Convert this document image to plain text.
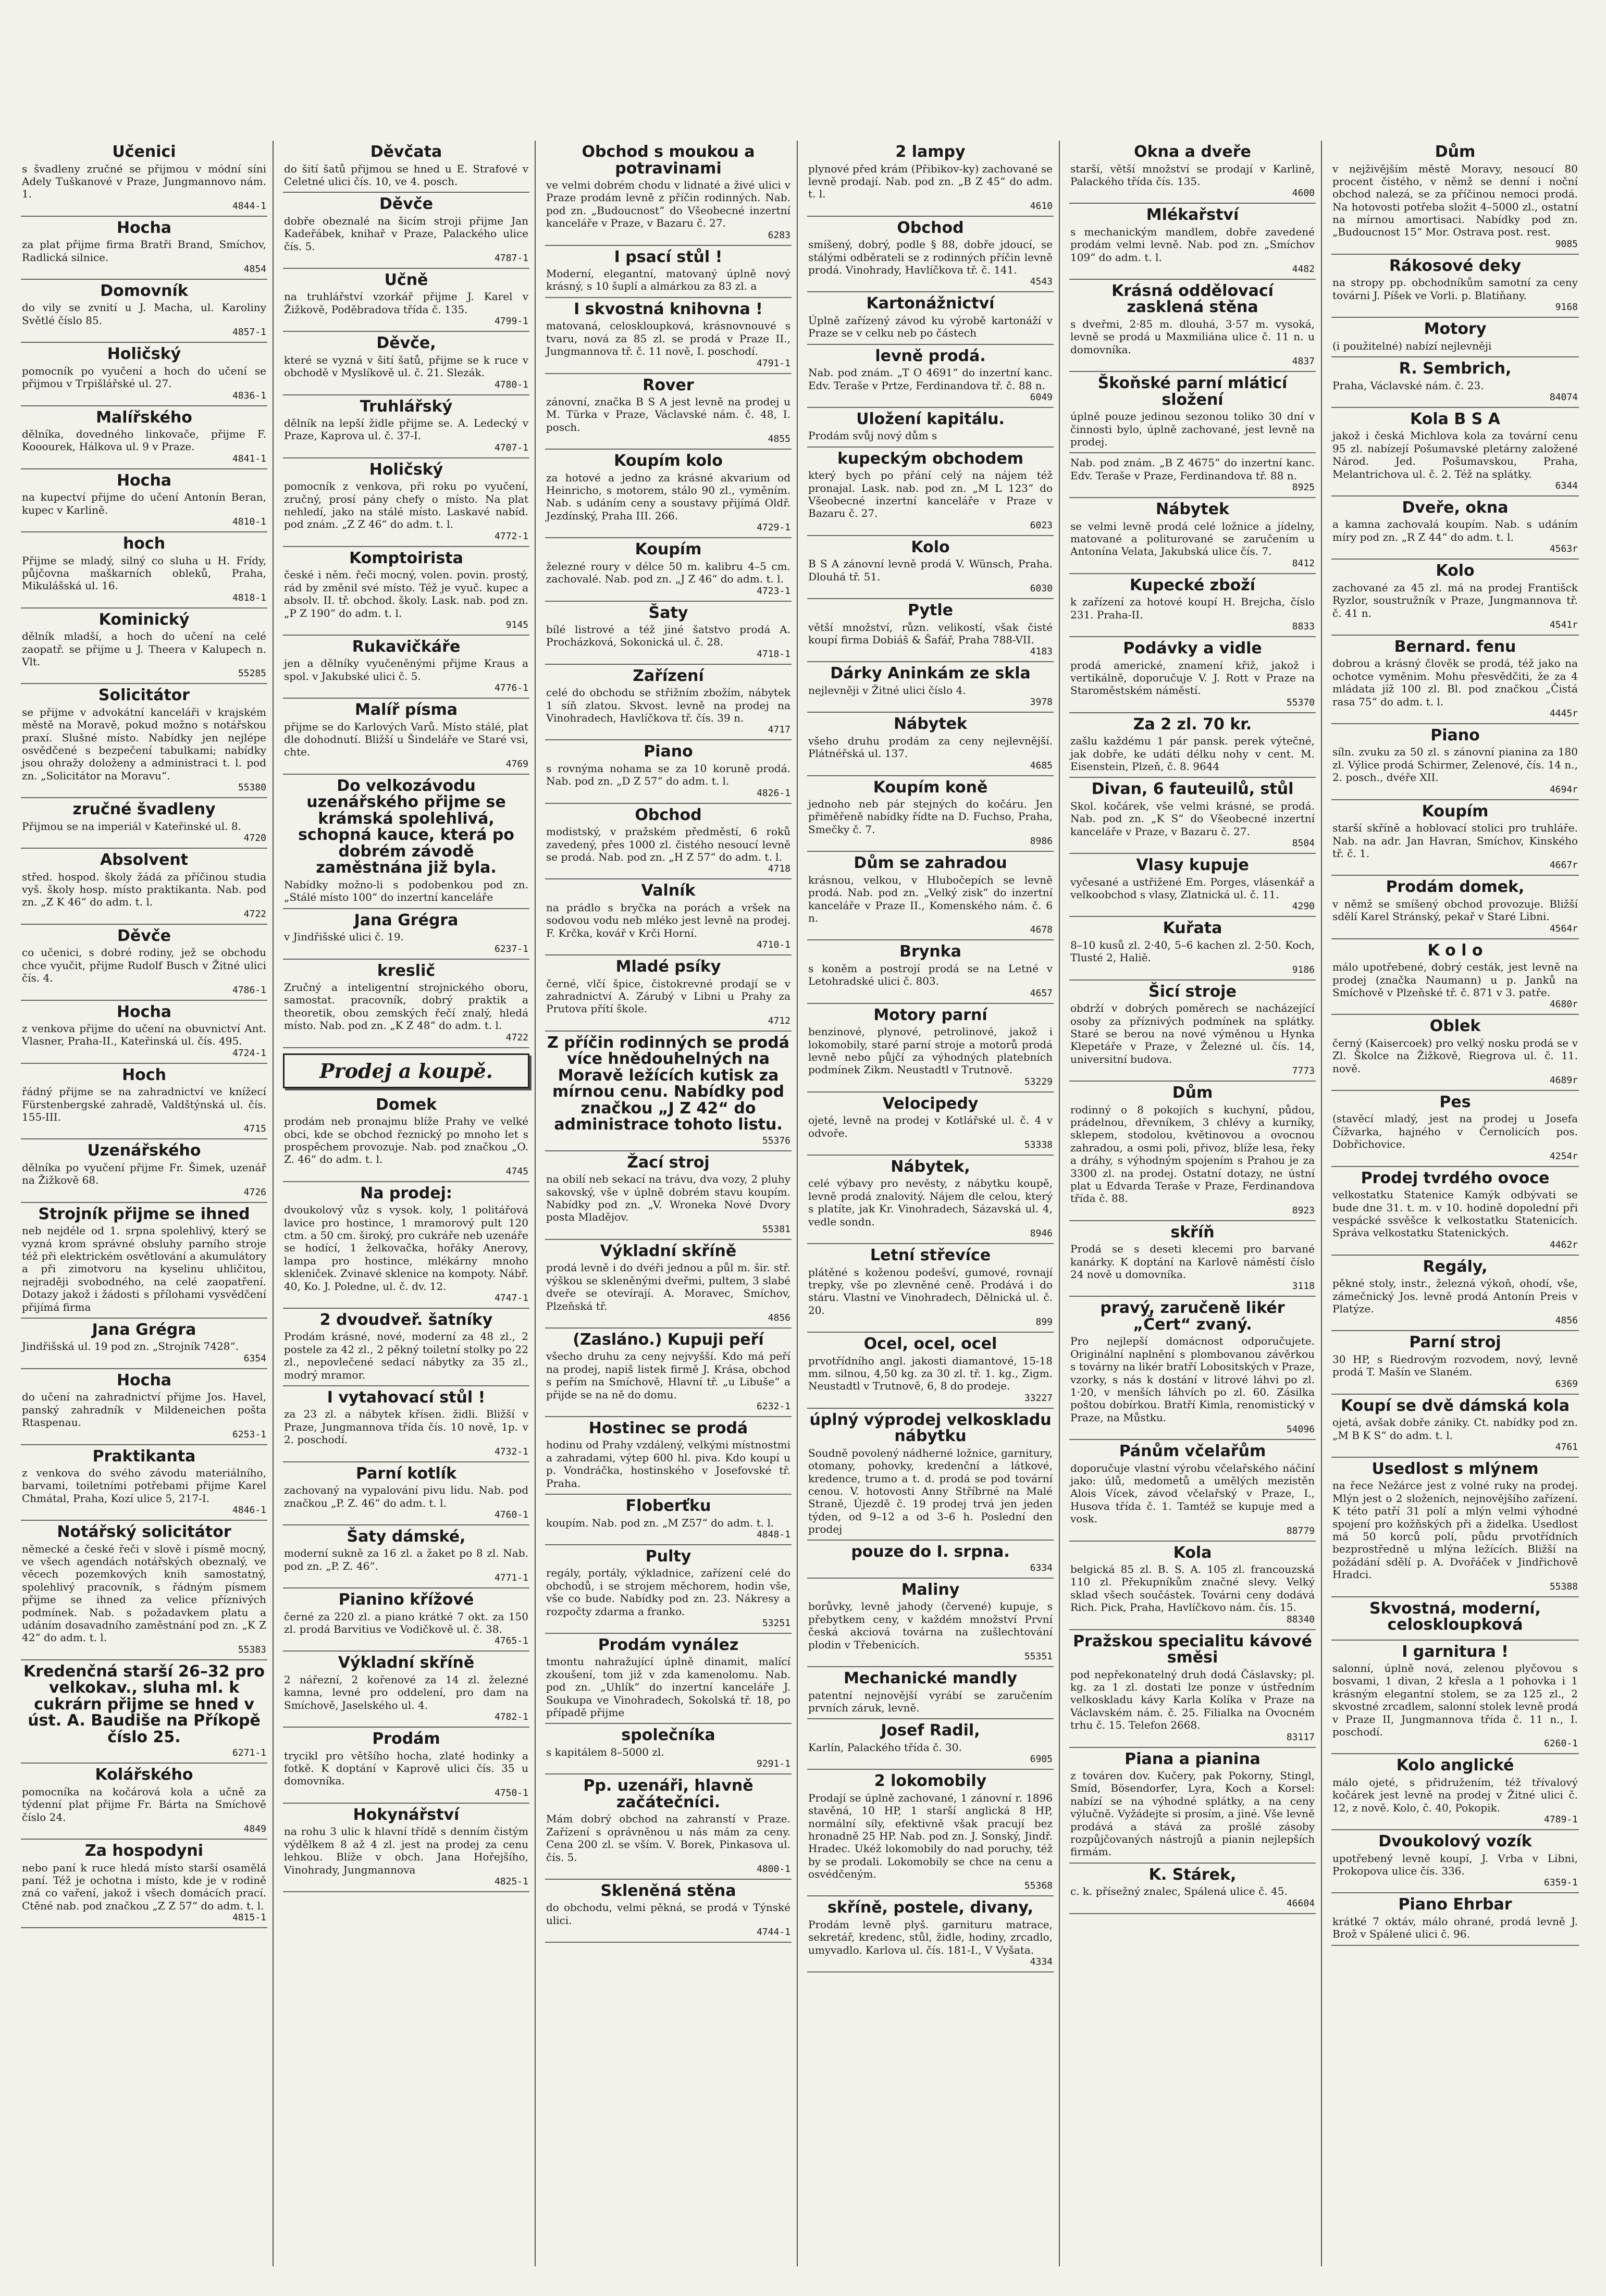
Učenici

s švadleny zručné se přijmou v módní síni Adely Tuškanové v Praze, Jungmannovo nám. 1.

4844-1
Hocha

za plat přijme firma Bratři Brand, Smíchov, Radlická silnice.

4854
Domovník

do vily se zvnití u J. Macha, ul. Karoliny Světlé číslo 85.

4857-1
Holičský

pomocník po vyučení a hoch do učení se přijmou v Trpišlářské ul. 27.

4836-1
Malířského

dělníka, dovedného linkovače, přijme F. Kooourek, Hálkova ul. 9 v Praze.

4841-1
Hocha

na kupectví přijme do učení Antonín Beran, kupec v Karlině.

4810-1
hoch

Přijme se mladý, silný co sluha u H. Frídy, půjčovna maškarních obleků, Praha, Mikulášská ul. 16.

4818-1
Kominický

dělník mladší, a hoch do učení na celé zaopatř. se přijme u J. Theera v Kalupech n. Vlt.

55285
Solicitátor

se přijme v advokátní kanceláři v krajském městě na Moravě, pokud možno s notářskou praxí. Slušné místo. Nabídky jen nejlépe osvědčené s bezpečení tabulkami; nabídky jsou ohražy doloženy a administraci t. l. pod zn. „Solicitátor na Moravu“.

55380
zručné švadleny

Přijmou se na imperiál v Kateřinské ul. 8.

4720
Absolvent

střed. hospod. školy žádá za příčinou studia vyš. školy hosp. místo praktikanta. Nab. pod zn. „Z K 46“ do adm. t. l.

4722
Děvče

co učenici, s dobré rodiny, jež se obchodu chce vyučit, přijme Rudolf Busch v Žitné ulici čís. 4.

4786-1
Hocha

z venkova přijme do učení na obuvnictví Ant. Vlasner, Praha-II., Kateřinská ul. čís. 495.

4724-1
Hoch

řádný přijme se na zahradnictví ve knížecí Fürstenbergské zahradě, Valdštýnská ul. čís. 155-III.

4715
Uzenářského

dělníka po vyučení přijme Fr. Šimek, uzenář na Žižkově 68.

4726
Strojník přijme se ihned

neb nejdéle od 1. srpna spolehlivý, který se vyzná krom správné obsluhy parního stroje též při elektrickém osvětlování a akumulátory a při zimotvoru na kyselinu uhličitou, nejraději svobodného, na celé zaopatření. Dotazy jakož i žádosti s přílohami vysvědčení přijímá firma

Jana Grégra

Jindřišská ul. 19 pod zn. „Strojník 7428“.

6354
Hocha

do učení na zahradnictví přijme Jos. Havel, panský zahradník v Mildeneichen pošta Rtaspenau.

6253-1
Praktikanta

z venkova do svého závodu materiálního, barvami, toiletními potřebami přijme Karel Chmátal, Praha, Kozí ulice 5, 217-I.

4846-1
Notářský solicitátor

německé a české řeči v slově i písmě mocný, ve všech agendách notářských obeznalý, ve věcech pozemkových knih samostatný, spolehlivý pracovník, s řádným písmem přijme se ihned za velice příznivých podmínek. Nab. s požadavkem platu a udáním dosavadního zaměstnání pod zn. „K Z 42“ do adm. t. l.

55383
Kredenčná starší 26–32 pro velkokav., sluha ml. k cukrárn přijme se hned v úst. A. Baudiše na Příkopě číslo 25.
6271-1
Kolářského

pomocníka na kočárová kola a učně za týdenní plat přijme Fr. Bárta na Smíchově číslo 24.

4849
Za hospodyni

nebo paní k ruce hledá místo starší osamělá paní. Též je ochotna i místo, kde je v rodině zná co vaření, jakož i všech domácích prací. Ctěné nab. pod značkou „Z Z 57“ do adm. t. l.

4815-1
Děvčata

do šití šatů přijmou se hned u E. Strafové v Celetné ulici čís. 10, ve 4. posch.

Děvče

dobře obeznalé na šicím stroji přijme Jan Kadeřábek, knihař v Praze, Palackého ulice čís. 5.

4787-1
Učně

na truhlářství vzorkář přijme J. Karel v Žižkově, Poděbradova třída č. 135.

4799-1
Děvče,

které se vyzná v šití šatů, přijme se k ruce v obchodě v Myslíkově ul. č. 21. Slezák.

4780-1
Truhlářský

dělník na lepší židle přijme se. A. Ledecký v Praze, Kaprova ul. č. 37-I.

4707-1
Holičský

pomocník z venkova, při roku po vyučení, zručný, prosí pány chefy o místo. Na plat nehledí, jako na stálé místo. Laskavé nabíd. pod znám. „Z Z 46“ do adm. t. l.

4772-1
Komptoiristа

české i něm. řeči mocný, volen. povin. prostý, rád by změnil své místo. Též je vyuč. kupec a absolv. II. tř. obchod. školy. Lask. nab. pod zn. „P Z 190“ do adm. t. l.

9145
Rukavičkáře

jen a dělníky vyučeněnými přijme Kraus a spol. v Jakubské ulici č. 5.

4776-1
Malíř písma

přijme se do Karlových Varů. Místo stálé, plat dle dohodnutí. Bližší u Šindeláře ve Staré vsi, chte.

4769
Do velkozávodu uzenářského přijme se krámská spolehlivá, schopná kauce, která po dobrém závodě zaměstnána již byla.

Nabídky možno-li s podobenkou pod zn. „Stálé místo 100“ do inzertní kanceláře

Jana Grégra

v Jindřišské ulici č. 19.

6237-1
kreslič

Zručný a inteligentní strojnického oboru, samostat. pracovník, dobrý praktik a theoretik, obou zemských řečí znalý, hledá místo. Nab. pod zn. „K Z 48“ do adm. t. l.

4722
Prodej a koupě.
Domek

prodám neb pronajmu blíže Prahy ve velké obci, kde se obchod řeznický po mnoho let s prospěchem provozuje. Nab. pod značkou „O. Z. 46“ do adm. t. l.

4745
Na prodej:

dvoukolový vůz s vysok. koly, 1 politářová lavice pro hostince, 1 mramorový pult 120 ctm. a 50 cm. široký, pro cukráře neb uzenáře se hodící, 1 želkovačka, hořáky Anerovy, lampa pro hostince, mlékárny mnoho skleniček. Zvinavé sklenice na kompoty. Nábř. 40, Ko. J. Poledne, ul. č. dv. 12.

4747-1
2 dvoudveř. šatníky

Prodám krásné, nové, moderní za 48 zl., 2 postele za 42 zl., 2 pěkný toiletní stolky po 22 zl., nepovlečené sedací nábytky za 35 zl., modrý mramor.

I vytahovací stůl !

za 23 zl. a nábytek křísen. židli. Bližší v Praze, Jungmannova třída čís. 10 nově, 1p. v 2. poschodí.

4732-1
Parní kotlík

zachovaný na vypalování pivu lidu. Nab. pod značkou „P. Z. 46“ do adm. t. l.

4760-1
Šaty dámské,

moderní sukně za 16 zl. a žaket po 8 zl. Nab. pod zn. „P. Z. 46“.

4771-1
Pianino křížové

černé za 220 zl. a piano krátké 7 okt. za 150 zl. prodá Barvitius ve Vodičkově ul. č. 38.

4765-1
Výkladní skříně

2 nářezní, 2 kořenové za 14 zl. železné kamna, levné pro oddelení, pro dam na Smíchově, Jaselského ul. 4.

4782-1
Prodám

trycikl pro většího hocha, zlaté hodinky a fotkě. K doptání v Kaprově ulici čís. 35 u domovníka.

4750-1
Hokynářství

na rohu 3 ulic k hlavní třídě s denním čistým výdělkem 8 až 4 zl. jest na prodej za cenu lehkou. Blíže v obch. Jana Hořejšího, Vinohrady, Jungmannova

4825-1
Obchod s moukou a potravinami

ve velmi dobrém chodu v lidnaté a živé ulici v Praze prodám levně z příčin rodinných. Nab. pod zn. „Budoucnost“ do Všeobecné inzertní kanceláře v Praze, v Bazaru č. 27.

6283
I psací stůl !

Moderní, elegantní, matovaný úplně nový krásný, s 10 šuplí a almárkou za 83 zl. a

I skvostná knihovna !

matovaná, celoskloupková, krásnovnouvé s tvaru, nová za 85 zl. se prodá v Praze II., Jungmannova tř. č. 11 nově, I. poschodí.

4791-1
Rover

zánovní, značka B S A jest levně na prodej u M. Türka v Praze, Václavské nám. č. 48, I. posch.

4855
Koupím kolo

za hotové a jedno za krásné akvarium od Heinricho, s motorem, stálo 90 zl., vyměním. Nab. s udáním ceny a soustavy přijímá Oldř. Jezdínský, Praha III. 266.

4729-1
Koupím

železné rourу v délce 50 m. kalibru 4–5 cm. zachovalé. Nab. pod zn. „J Z 46“ do adm. t. l.

4723-1
Šaty

bílé listrové a též jiné šatstvo prodá A. Procházková, Sokonická ul. č. 28.

4718-1
Zařízení

celé do obchodu se střižním zbožím, nábytek 1 síň zlatou. Skvost. levně na prodej na Vinohradech, Havlíčkova tř. čís. 39 n.

4717
Piano

s rovnýma nohama se za 10 koruně prodá. Nab. pod zn. „D Z 57“ do adm. t. l.

4826-1
Obchod

modistský, v pražském předměstí, 6 roků zavedený, přes 1000 zl. čistého nesoucí levně se prodá. Nab. pod zn. „H Z 57“ do adm. t. l.

4718
Valník

na prádlo s bryčka na porách a vršek na sodovou vodu neb mléko jest levně na prodej. F. Krčka, kovář v Krči Horní.

4710-1
Mladé psíky

černé, vlčí špice, čistokrevné prodají se v zahradnictví A. Zárubý v Libni u Prahy za Prutova přítí škole.

4712
Z příčin rodinných se prodá více hnědouhelných na Moravě ležících kutisk za mírnou cenu. Nabídky pod značkou „J Z 42“ do administrace tohoto listu.
55376
Žací stroj

na obilí neb sekací na trávu, dva vozy, 2 pluhy sakovský, vše v úplně dobrém stavu koupím. Nabídky pod zn. „V. Wroneka Nové Dvory posta Mladějov.

55381
Výkladní skříně

prodá levně i do dvéři jednou a půl m. šir. stř. výškou se skleněnými dveřmi, pultem, 3 slabé dveře se otevírají. A. Moravec, Smíchov, Plzeňská tř.

4856
(Zaslánо.) Kupuji peří

všecho druhu za ceny nejvyšší. Kdo má peří na prodej, napiš listek firmě J. Krása, obchod s peřím na Smíchově, Hlavní tř. „u Libuše“ a přijde se na ně do domu.

6232-1
Hostinec se prodá

hodinu od Prahy vzdálený, velkými místnostmi a zahradami, výtep 600 hl. piva. Kdo koupí u p. Vondráčka, hostinského v Josefovské tř. Praha.

Floberťku

koupím. Nab. pod zn. „M Z57“ do adm. t. l.

4848-1
Pulty

regály, portály, výkladnice, zařízení celé do obchodů, i se strojem měchorem, hodin vše, vše co bude. Nabídky pod zn. 23. Nákresy a rozpočty zdarma a franko.

53251
Prodám vynález

tmontu nahražující úplně dinamit, malící zkoušení, tom již v zda kamenolomu. Nab. pod zn. „Uhlík“ do inzertní kanceláře J. Soukupa ve Vinohradech, Sokolská tř. 18, po případě přijme

společníka

s kapitálem 8–5000 zl.

9291-1
Pp. uzenáři, hlavně začátečníci.

Mám dobrý obchod na zahranstí v Praze. Zařízení s oprávněnou u nás mám za ceny. Cena 200 zl. se vším. V. Borek, Pinkasova ul. čís. 5.

4800-1
Skleněná stěna

do obchodu, velmi pěkná, se prodá v Týnské ulici.

4744-1
2 lampy

plynové před krám (Přibikov-ky) zachované se levně prodají. Nab. pod zn. „B Z 45“ do adm. t. l.

4610
Obchod

smíšený, dobrý, podle § 88, dobře jdoucí, se stálými odběrateli se z rodinných příčin levně prodá. Vinohrady, Havlíčkova tř. č. 141.

4543
Kartonážnictví

Úplně zařízený závod ku výrobě kartonáží v Praze se v celku neb po částech

levně prodá.

Nab. pod znám. „T O 4691“ do inzertní kanc. Edv. Teraše v Prtze, Ferdinandova tř. č. 88 n.

6049
Uložení kapitálu.

Prodám svůj nový dům s

kupeckým obchodem

který bych po přání celý na nájem též pronajal. Lask. nab. pod zn. „M L 123“ do Všeobecné inzertní kanceláře v Praze v Bazaru č. 27.

6023
Kolo

B S A zánovní levně prodá V. Wünsch, Praha. Dlouhá tř. 51.

6030
Pytle

větší množství, různ. velikostí, však čisté koupí firma Dobiáš & Šafář, Praha 788-VII.

4183
Dárky Aninkám ze skla

nejlevněji v Žitné ulici číslo 4.

3978
Nábytek

všeho druhu prodám za ceny nejlevnější. Plátnéřská ul. 137.

4685
Koupím koně

jednoho neb pár stejných do kočáru. Jen přiměřeně nabídky řídte na D. Fuchso, Praha, Smečky č. 7.

8986
Dům se zahradou

krásnou, velkou, v Hlubočepích se levně prodá. Nab. pod zn. „Velký zisk“ do inzertní kanceláře v Praze II., Komenského nám. č. 6 n.

4678
Brynka

s koněm a postrojí prodá se na Letné v Letohradské ulici č. 803.

4657
Motory parní

benzinové, plynové, petrolinové, jakož i lokomobily, staré parní stroje a motorů prodá levně nebo půjčí za výhodných platebních podmínek Zikm. Neustadtl v Trutnově.

53229
Velocipedy

ojeté, levně na prodej v Kotlářské ul. č. 4 v odvoře.

53338
Nábytek,

celé výbavy pro nevěsty, z nábytku koupě, levně prodá znalovitý. Nájem dle celou, který s platíte, jak Kr. Vinohradech, Sázavská ul. 4, vedle sondn.

8946
Letní střevíce

plátěné s koženou podešví, gumové, rovnají trepky, vše po zlevněné ceně. Prodává i do stáru. Vlastní ve Vinohradech, Dělnická ul. č. 20.

899
Ocel, ocel, ocel

prvotřídního angl. jakosti diamantové, 15-18 mm. silnou, 4,50 kg. za 30 zl. tř. 1. kg., Zigm. Neustadtl v Trutnově, 6, 8 do prodeje.

33227
úplný výprodej velkoskladu nábytku

Soudně povolený nádherné ložnice, garnitury, otomany, pohovky, kredenční a látkové, kredence, trumo a t. d. prodá se pod tovární cenou. V. hotovosti Anny Stříbrné na Malé Straně, Újezdě č. 19 prodej trvá jen jeden týden, od 9–12 a od 3–6 h. Poslední den prodej

pouze do I. srpna.
6334
Maliny

borůvky, levně jahody (červené) kupuje, s přebytkem ceny, v každém množství První česká akciová továrna na zušlechtování plodin v Třebenicích.

55351
Mechanické mandly

patentní nejnovější vyrábí se zaručením prvních záruk, levně.

Josef Radil,

Karlín, Palackého třída č. 30.

6905
2 lokomobily

Prodají se úplně zachované, 1 zánovní r. 1896 stavěná, 10 HP, 1 starší anglická 8 HP, normální síly, efektivně však pracují bez hronadně 25 HP. Nab. pod zn. J. Sonský, Jindř. Hradec. Ukéž lokomobily do nad poruchy, též by se prodali. Lokomobily se chce na cenu a osvédčeným.

55368
skříně, postele, divany,

Prodám levně plyš. garnituru matrace, sekretář, kredenc, stůl, židle, hodiny, zrcadlo, umyvadlo. Karlova ul. čís. 181-I., V Vyšata.

4334
Okna a dveře

starší, větší množství se prodají v Karlině, Palackého třída čís. 135.

4600
Mlékařství

s mechanickým mandlem, dobře zavedené prodám velmi levně. Nab. pod zn. „Smíchov 109“ do adm. t. l.

4482
Krásná oddělovací zasklená stěna

s dveřmi, 2·85 m. dlouhá, 3·57 m. vysoká, levně se prodá u Maxmiliána ulice č. 11 n. u domovníka.

4837
Škoňské parní mláticí složení

úplně pouze jedinou sezonou toliko 30 dní v činnosti bylo, úplně zachované, jest levně na prodej.

Nab. pod znám. „B Z 4675“ do inzertní kanc. Edv. Teraše v Praze, Ferdinandova tř. 88 n.

8925
Nábytek

se velmi levně prodá celé ložnice a jídelny, matované a politurované se zaručením u Antonína Velata, Jakubská ulice čís. 7.

8412
Kupecké zboží

k zařízení za hotové koupí H. Brejcha, číslo 231. Praha-II.

8833
Podávky a vidle

prodá americké, znamení křiž, jakož i vertikálně, doporučuje V. J. Rott v Praze na Staroměstském náměstí.

55370
Za 2 zl. 70 kr.

zašlu každému 1 pár pansk. perek výtečné, jak dobře, ke udáti délku nohy v cent. M. Eisenstein, Plzeň, č. 8. 9644

Divan, 6 fauteuilů, stůl

Skol. kočárek, vše velmi krásné, se prodá. Nab. pod zn. „K S“ do Všeobecné inzertní kanceláře v Praze, v Bazaru č. 27.

8504
Vlasy kupuje

vyčesané a ustřižené Em. Porges, vlásenkář a velkoobchod s vlasy, Zlatnická ul. č. 11.

4290
Kuřata

8–10 kusů zl. 2·40, 5–6 kachen zl. 2·50. Koch, Tlusté 2, Haliě.

9186
Šicí stroje

obdrží v dobrých poměrech se nacházející osoby za příznivých podmínek na splátky. Staré se berou na nové výměnou u Hynka Klepetáře v Praze, v Železné ul. čís. 14, universitní budova.

7773
Dům

rodinný o 8 pokojích s kuchyní, půdou, prádelnou, dřevníkem, 3 chlévy a kurníky, sklepem, stodolou, květinovou a ovocnou zahradou, a osmi poli, přivoz, blíže lesa, řeky a dráhy, s výhodným spojením s Prahou je za 3300 zl. na prodej. Ostatní dotazy, ne ústní plat u Edvarda Teraše v Praze, Ferdinandova třída č. 88.

8923
skříň

Prodá se s deseti klecemi pro barvané kanárky. K doptání na Karlově náměstí číslo 24 nově u domovníka.

3118
pravý, zaručeně likér „Čert“ zvaný.

Pro nejlepší domácnost odporučujete. Originální naplnění s plombovanou závěrkou s továrny na likér bratří Lobositských v Praze, vzorky, s nás k dostání v litrové láhvi po zl. 1·20, v menších láhvích po zl. 60. Zásilka poštou dobírkou. Bratří Kimla, renomistický v Praze, na Můstku.

54096
Pánům včelařům

doporučuje vlastní výrobu včelařského náčiní jako: úlů, medometů a umělých mezistěn Alois Vícek, závod včelařský v Praze, I., Husova třída č. 1. Tamtéž se kupuje med a vosk.

88779
Kola

belgická 85 zl. B. S. A. 105 zl. francouzská 110 zl. Překupníkům značné slevy. Velký sklad všech součástek. Továrni ceny dodává Rich. Pick, Praha, Havlíčkovo nám. čís. 15.

88340
Pražskou specialitu kávové směsi

pod nepřekonatelný druh dodá Čáslavsky; pl. kg. za 1 zl. dostati lze ponze v ústředním velkoskladu kávy Karla Kolíka v Praze na Václavském nám. č. 25. Filialka na Ovocném trhu č. 15. Telefon 2668.

83117
Piana a pianina

z továren dov. Kučery, pak Pokorny, Stingl, Smíd, Bösendorfer, Lyra, Koch a Korsel: nabízí se na výhodné splátky, a na ceny výlučně. Vyžádejte si prosím, a jiné. Vše levně prodává a stává za prošlé zásoby rozpůjčovaných nástrojů a pianin nejlepších firmám.

K. Stárek,

c. k. přísežný znalec, Spálená ulice č. 45.

46604
Dům

v nejživějším městě Moravy, nesoucí 80 procent čistého, v němž se denní i noční obchod nalezá, se za příčinou nemoci prodá. Na hotovosti potřeba složit 4–5000 zl., ostatní na mírnou amortisaci. Nabídky pod zn. „Budoucnost 15“ Mor. Ostrava post. rest.

9085
Rákosové deky

na stropy pp. obchodníkům samotní za ceny továrni J. Píšek ve Vorli. p. Blatiňany.

9168
Motory

(i použitelné) nabízí nejlevněji

R. Sembrich,

Praha, Václavské nám. č. 23.

84074
Kola B S A

jakož i česká Michlova kola za tovární cenu 95 zl. nabízejí Pošumavské pletárny založené Národ. Jed. Pošumavskou, Praha, Melantrichova ul. č. 2. Též na splátky.

6344
Dveře, okna

a kamna zachovalá koupím. Nab. s udáním míry pod zn. „R Z 44“ do adm. t. l.

4563r
Kolo

zachované za 45 zl. má na prodej Františck Ryzlor, soustružník v Praze, Jungmannova tř. č. 41 n.

4541r
Bernard. fenu

dobrou a krásný člověk se prodá, též jako na ochotce vyměnim. Mohu přesvědčiti, že za 4 mládata jíž 100 zl. Bl. pod značkou „Čistá rasa 75“ do adm. t. l.

4445r
Piano

síln. zvuku za 50 zl. s zánovní pianina za 180 zl. Výlice prodá Schirmer, Zelenové, čís. 14 n., 2. posch., dvéře XII.

4694r
Koupím

starší skříně a hoblovací stolici pro truhláře. Nab. na adr. Jan Havran, Smíchov, Kinského tř. č. 1.

4667r
Prodám domek,

v němž se smíšený obchod provozuje. Bližší sdělí Karel Stránský, pekař v Staré Libni.

4564r
K o l o

málo upotřebené, dobrý cesták, jest levně na prodej (značka Naumann) u p. Janků na Smíchově v Plzeňské tř. č. 871 v 3. patře.

4680r
Oblek

černý (Kaisercoek) pro velký nosku prodá se v Zl. Školce na Žižkově, Riegrova ul. č. 11. nově.

4689r
Pes

(stavěcí mladý, jest na prodej u Josefa Čížvarka, hajného v Černolicích pos. Dobřichovice.

4254r
Prodej tvrdého ovoce

velkostatku Statenice Kamýk odbývati se bude dne 31. t. m. v 10. hodině dopolední při vespácké ssvěšce k velkostatku Statenicích. Správa velkostatku Statenických.

4462r
Regály,

pěkné stoly, instr., železná výkoň, ohodí, vše, zámečnický Jos. levně prodá Antonín Preis v Platýze.

4856
Parní stroj

30 HP, s Riedrovým rozvodem, nový, levně prodá T. Mašín ve Slaném.

6369
Koupí se dvě dámská kola

ojetá, avšak dobře zániky. Ct. nabídky pod zn. „M B K S“ do adm. t. l.

4761
Usedlost s mlýnem

na řece Nežárce jest z volné ruky na prodej. Mlýn jest o 2 složeních, nejnovějšího zařízení. K této patří 31 polí a mlýn velmi výhodné spojení pro kožňských při a židelka. Usedlost má 50 korců polí, půdu prvotřídních bezprostředně u mlýna ležících. Bližší na požádání sdělí p. A. Dvořáček v Jindřichově Hradci.

55388
Skvostná, moderní, celoskloupková
I garnitura !

salonní, úplně nová, zelenou plyčovou s bosvami, 1 divan, 2 křesla a 1 pohovka i 1 krásným elegantní stolem, se za 125 zl., 2 skvostné zrcadlem, salonní stolek levně prodá v Praze II, Jungmannova třída č. 11 n., I. poschodí.

6260-1
Kolo anglické

málo ojeté, s přidružením, též třívalový kočárek jest levně na prodej v Žitné ulici č. 12, z nově. Kolo, č. 40, Pokopik.

4789-1
Dvoukolový vozík

upotřebený levně koupí, J. Vrba v Libni, Prokopova ulice čís. 336.

6359-1
Piano Ehrbar

krátké 7 oktáv, málo ohrané, prodá levně J. Brož v Spálené ulici č. 96.
